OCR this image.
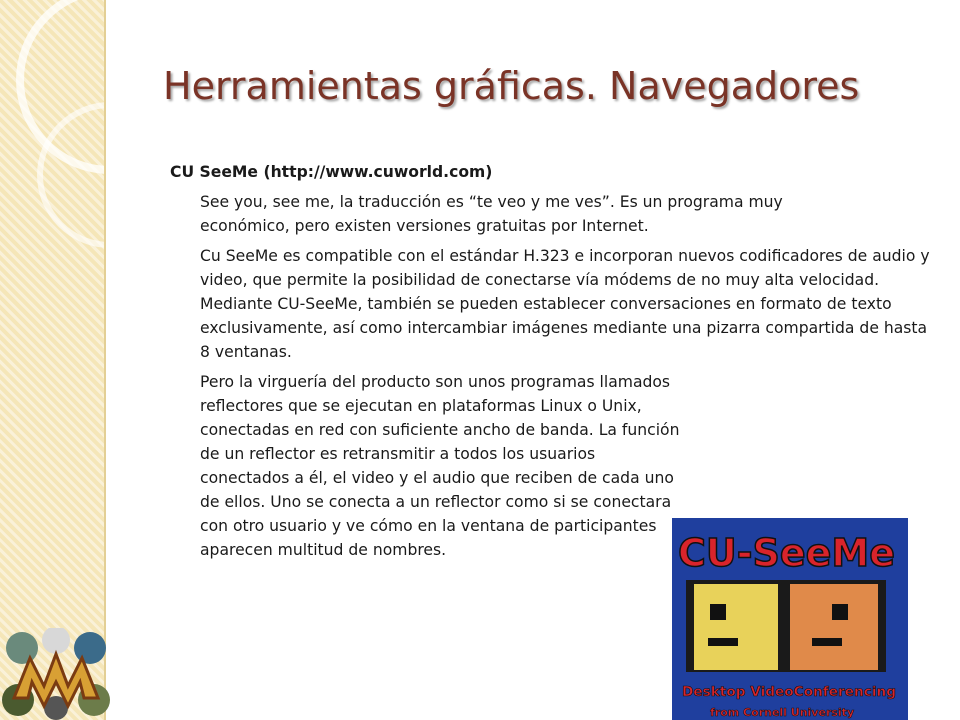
Herramientas gráficas. Navegadores

CU SeeMe (http://www.cuworld.com)

See you, see me, la traducción es “te veo y me ves”. Es un programa muy económico, pero existen versiones gratuitas por Internet.

Cu SeeMe es compatible con el estándar H.323 e incorporan nuevos codificadores de audio y video, que permite la posibilidad de conectarse vía módems de no muy alta velocidad. Mediante CU-SeeMe, también se pueden establecer conversaciones en formato de texto exclusivamente, así como intercambiar imágenes mediante una pizarra compartida de hasta 8 ventanas.

Pero la virguería del producto son unos programas llamados reflectores que se ejecutan en plataformas Linux o Unix, conectadas en red con suficiente ancho de banda. La función de un reflector es retransmitir a todos los usuarios conectados a él, el video y el audio que reciben de cada uno de ellos. Uno se conecta a un reflector como si se conectara con otro usuario y ve cómo en la ventana de participantes aparecen multitud de nombres.	CU-SeeMe
Desktop VideoConferencing
from Cornell University
